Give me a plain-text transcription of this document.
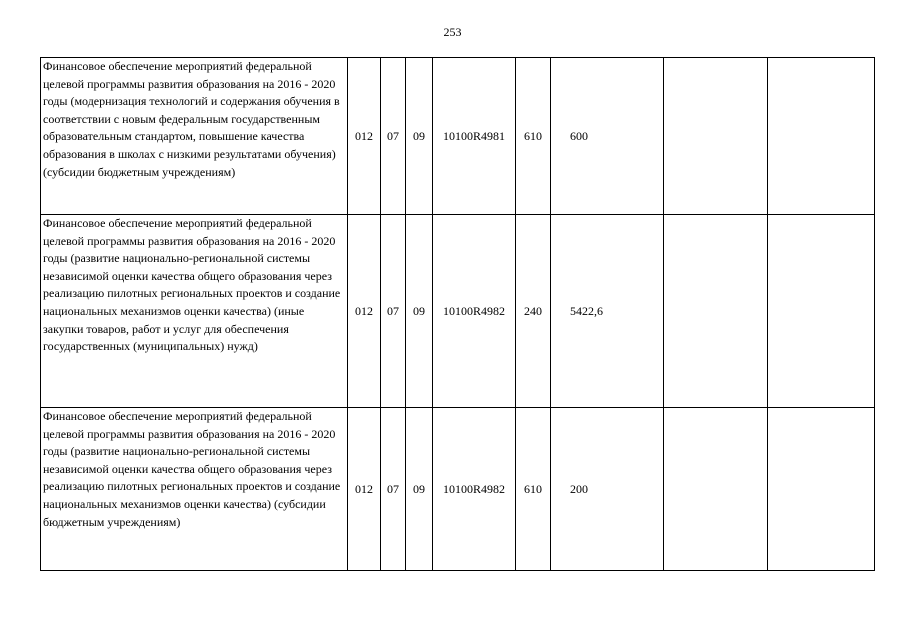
253
Финансовое обеспечение мероприятий федеральной целевой программы развития образования на 2016 - 2020 годы (модернизация технологий и содержания обучения в соответствии с новым федеральным государственным образовательным стандартом, повышение качества образования в школах с низкими результатами обучения) (субсидии бюджетным учреждениям)	012	07	09	10100R4981	610	600		
Финансовое обеспечение мероприятий федеральной целевой программы развития образования на 2016 - 2020 годы (развитие национально-региональной системы независимой оценки качества общего образования через реализацию пилотных региональных проектов и создание национальных механизмов оценки качества) (иные закупки товаров, работ и услуг для обеспечения государственных (муниципальных) нужд)	012	07	09	10100R4982	240	5422,6		
Финансовое обеспечение мероприятий федеральной целевой программы развития образования на 2016 - 2020 годы (развитие национально-региональной системы независимой оценки качества общего образования через реализацию пилотных региональных проектов и создание национальных механизмов оценки качества) (субсидии бюджетным учреждениям)	012	07	09	10100R4982	610	200		
